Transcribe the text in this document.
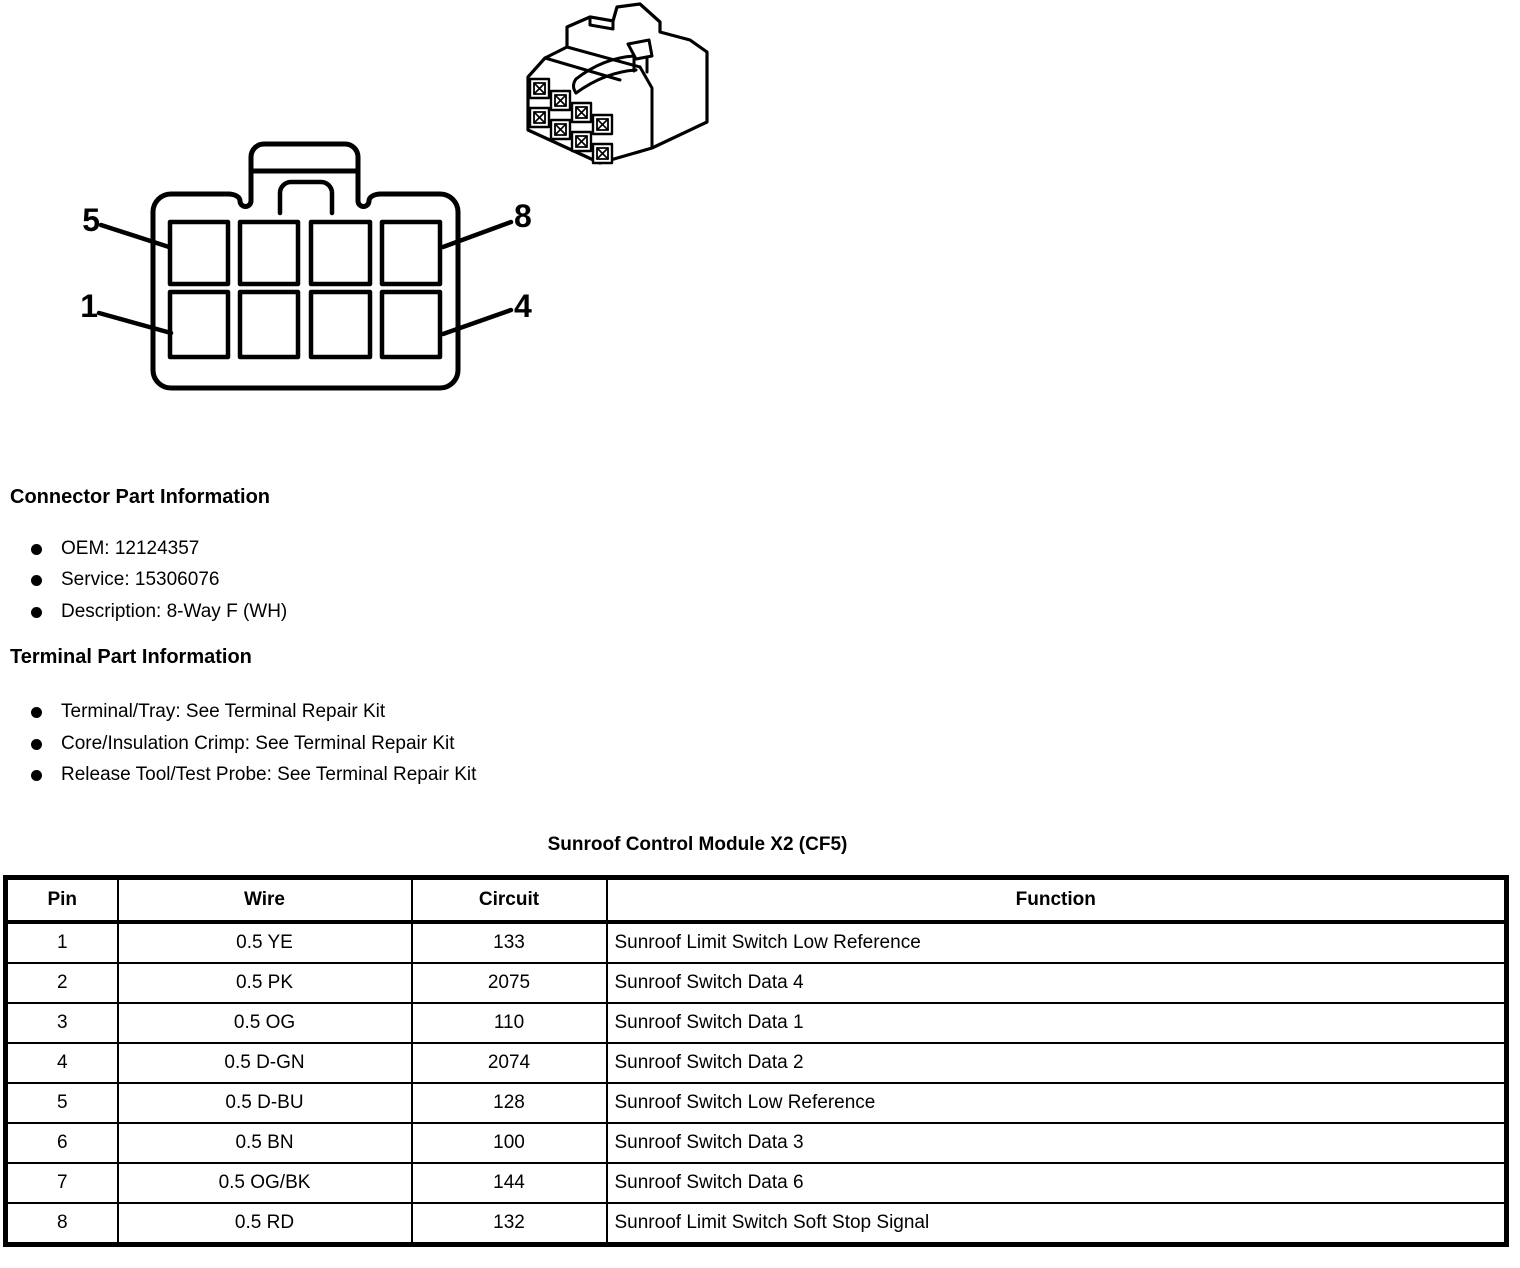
5	8
1	4
Connector Part Information
OEM: 12124357
Service: 15306076
Description: 8-Way F (WH)
Terminal Part Information
Terminal/Tray: See Terminal Repair Kit
Core/Insulation Crimp: See Terminal Repair Kit
Release Tool/Test Probe: See Terminal Repair Kit
Sunroof Control Module X2 (CF5)
Pin	Wire	Circuit	Function
1	0.5 YE	133	Sunroof Limit Switch Low Reference
2	0.5 PK	2075	Sunroof Switch Data 4
3	0.5 OG	110	Sunroof Switch Data 1
4	0.5 D-GN	2074	Sunroof Switch Data 2
5	0.5 D-BU	128	Sunroof Switch Low Reference
6	0.5 BN	100	Sunroof Switch Data 3
7	0.5 OG/BK	144	Sunroof Switch Data 6
8	0.5 RD	132	Sunroof Limit Switch Soft Stop Signal
